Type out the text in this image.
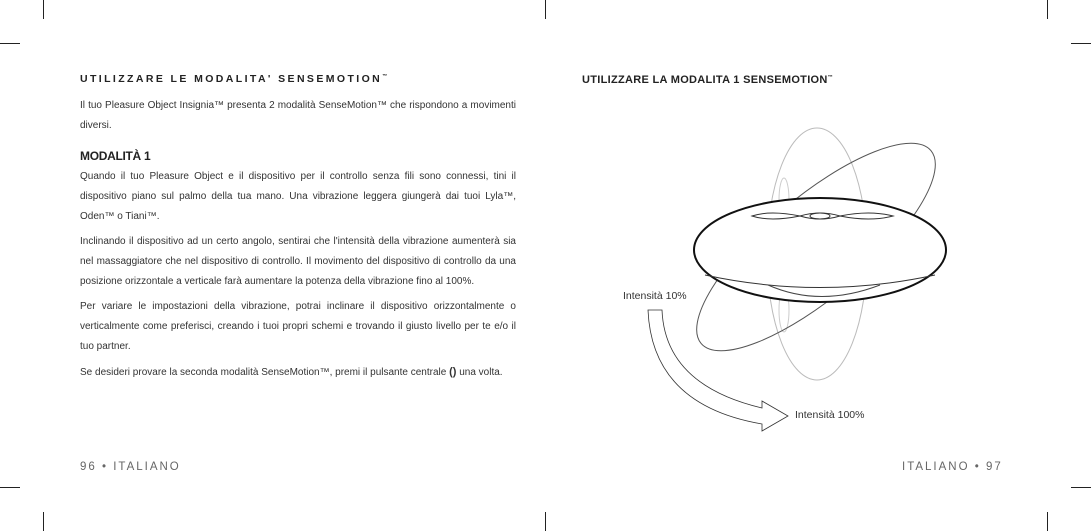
UTILIZZARE LE MODALITA' SENSEMOTION™

Il tuo Pleasure Object Insignia™ presenta 2 modalità SenseMotion™ che rispondono a movimenti diversi.

MODALITÀ 1

Quando il tuo Pleasure Object e il dispositivo per il controllo senza fili sono connessi, tini il dispositivo piano sul palmo della tua mano. Una vibrazione leggera giungerà dai tuoi Lyla™, Oden™ o Tiani™.

Inclinando il dispositivo ad un certo angolo, sentirai che l'intensità della vibrazione aumenterà sia nel massaggiatore che nel dispositivo di controllo. Il movimento del dispositivo di controllo da una posizione orizzontale a verticale farà aumentare la potenza della vibrazione fino al 100%.

Per variare le impostazioni della vibrazione, potrai inclinare il dispositivo orizzontalmente o verticalmente come preferisci, creando i tuoi propri schemi e trovando il giusto livello per te e/o il tuo partner.

Se desideri provare la seconda modalità SenseMotion™, premi il pulsante centrale () una volta.

96 • ITALIANO
UTILIZZARE LA MODALITA 1 SENSEMOTION™
Intensità 10%
Intensità 100%
ITALIANO • 97
